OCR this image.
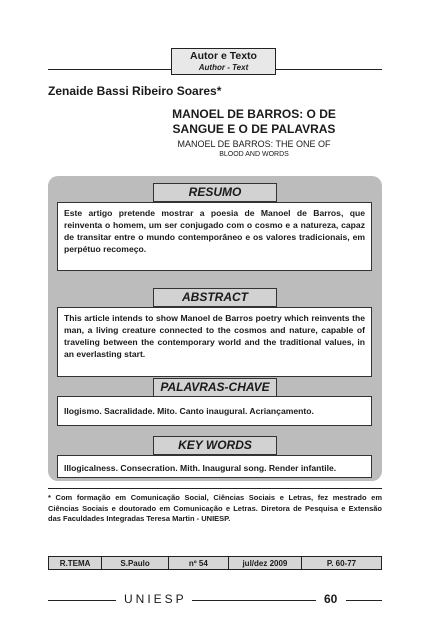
Autor e Texto
Author - Text
Zenaide Bassi Ribeiro Soares*
MANOEL DE BARROS: O DE
SANGUE E O DE PALAVRAS
MANOEL DE BARROS: THE ONE OF
BLOOD AND WORDS
Este artigo pretende mostrar a poesia de Manoel de Barros, que reinventa o homem, um ser conjugado com o cosmo e a natureza, capaz de transitar entre o mundo contemporâneo e os valores tradicionais, em perpétuo recomeço.
RESUMO
This article intends to show Manoel de Barros poetry which reinvents the man, a living creature connected to the cosmos and nature, capable of traveling between the contemporary world and the traditional values, in an everlasting start.
ABSTRACT
Ilogismo. Sacralidade. Mito. Canto inaugural. Acriançamento.
PALAVRAS-CHAVE
Illogicalness. Consecration. Mith. Inaugural song. Render infantile.
KEY WORDS
* Com formação em Comunicação Social, Ciências Sociais e Letras, fez mestrado em Ciências Sociais e doutorado em Comunicação e Letras. Diretora de Pesquisa e Extensão das Faculdades Integradas Teresa Martin - UNIESP.
R.TEMA	S.Paulo	nº 54	jul/dez 2009	P. 60-77
UNIESP	60
